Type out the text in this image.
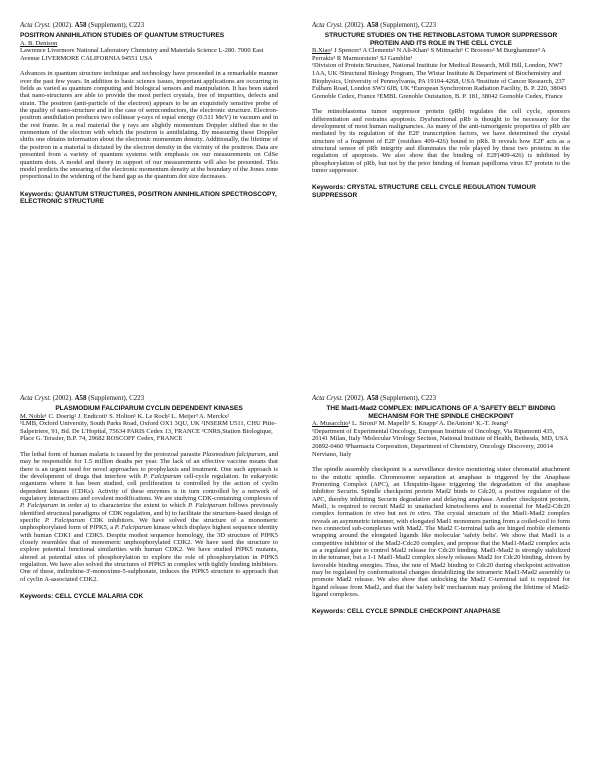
Acta Cryst. (2002). A58 (Supplement), C223
POSITRON ANNIHILATION STUDIES OF QUANTUM STRUCTURES
A. B. Denison
Lawrence Livermore National Laboratory Chemistry and Materials Science L-280. 7000 East Avenue LIVERMORE CALIFORNIA 94551 USA
Advances in quantum structure technique and technology have proceeded in a remarkable manner over the past few years. In addition to basic science issues, important applications are occurring in fields as varied as quantum computing and biological sensors and manipulation. It has been stated that nano-structures are able to provide the most perfect crystals, free of impurities, defects and strain. The positron (anti-particle of the electron) appears to be an exquisitely sensitive probe of the quality of nano-structure and in the case of semiconductors, the electronic structure. Electron-positron annihilation produces two collinear γ-rays of equal energy (0.511 MeV) in vacuum and in the rest frame. In a real material the γ rays are slightly momentum Doppler shifted due to the momentum of the electron with which the positron is annihilating. By measuring these Doppler shifts one obtains information about the electronic momentum density. Additionally, the lifetime of the positron in a material is dictated by the electron density in the vicinity of the positron. Data are presented from a variety of quantum systems with emphasis on our measurements on CdSe quantum dots. A model and theory in support of our measurements will also be presented. This model predicts the smearing of the electronic momentum density at the boundary of the Jones zone proportional to the widening of the band gap as the quantum dot size decreases.
Keywords: QUANTUM STRUCTURES, POSITRON ANNIHILATION SPECTROSCOPY, ELECTRONIC STRUCTURE
Acta Cryst. (2002). A58 (Supplement), C223
STRUCTURE STUDIES ON THE RETINOBLASTOMA TUMOR SUPPRESSOR PROTEIN AND ITS ROLE IN THE CELL CYCLE
B.Xiao¹ J Spencer¹ A Clements² N Ali-Khan¹ S Mittnacht¹ C Broceno² M Burghammer³ A Perrakis³ R Marmorstein² SJ Gamblin¹
¹Division of Protein Structure, National Institute for Medical Research, Mill Hill, London, NW7 1AA, UK ²Structural Biology Program, The Wistar Institute & Department of Biochemistry and Biophysics, University of Pennsylvania, PA 19104-4268, USA ³Institute of Cancer Research, 237 Fulham Road, London SW3 6JB, UK ⁴European Synchrotron Radiation Facility, B. P. 220, 38043 Grenoble Cedex, France ⁵EMBL Grenoble Outstation, B. P. 181, 38042 Grenoble Cedex, France
The retinoblastoma tumor suppressor protein (pRb) regulates the cell cycle, sponsors differentiation and restrains apoptosis. Dysfunctional pRb is thought to be necessary for the development of most human malignancies. As many of the anti-tumorigenic properties of pRb are mediated by its regulation of the E2F transcription factors, we have determined the crystal structure of a fragment of E2F (residues 409-426) bound to pRb. It reveals how E2F acts as a structural sensor of pRb integrity and illuminates the role played by these two proteins in the regulation of apoptosis. We also show that the binding of E2F(409-426) is inhibited by phosphorylation of pRb, but not by the prior binding of human papilloma virus E7 protein to the tumor suppressor.
Keywords: CRYSTAL STRUCTURE CELL CYCLE REGULATION TUMOUR SUPPRESSOR
Acta Cryst. (2002). A58 (Supplement), C223
PLASMODIUM FALCIPARUM CYCLIN DEPENDENT KINASES
M. Noble¹ C. Doerig² J. Endicott¹ S. Holton¹ K. Le Roch² L. Meijer³ A. Merckx²
¹LMB, Oxford University, South Parks Road, Oxford OX1 3QU, UK ²INSERM U511, CHU Pitie-Salpetriere, 91, Bd. De L'Hopital, 75634 PARIS Cedex 13, FRANCE ³CNRS,Station Biologique, Place G. Teissier, B.P. 74, 29682 ROSCOFF Cedex, FRANCE
The lethal form of human malaria is caused by the protozoal parasite Plasmodium falciparum, and may be responsible for 1.5 million deaths per year. The lack of an effective vaccine means that there is an urgent need for novel approaches to prophylaxis and treatment. One such approach is the development of drugs that interfere with P. Falciparum cell-cycle regulation. In eukaryotic organisms where it has been studied, cell proliferation is controlled by the action of cyclin dependent kinases (CDKs). Activity of these enzymes is in turn controlled by a network of regulatory interactions and covalent modifications. We are studying CDK-containing complexes of P. Falciparum in order a) to characterize the extent to which P. Falciparum follows previously identified structural paradigms of CDK regulation, and b) to facilitate the structure-based design of specific P. Falciparum CDK inhibitors. We have solved the structure of a monomeric unphosphorylated form of PfPK5, a P. Falciparum kinase which displays highest sequence identity with human CDK1 and CDK5. Despite modest sequence homology, the 3D structure of PfPK5 closely resembles that of monomeric unphosphorylated CDK2. We have used the structure to explore potential functional similarities with human CDK2. We have studied PfPK5 mutants, altered at potential sites of phosphorylation to explore the role of phosphorylation in PfPK5 regulation. We have also solved the structures of PfPK5 in complex with tightly binding inhibitors. One of these, indirubine-3'-monoxime-5-sulphonate, induces the PfPK5 structure to approach that of cyclin A-associated CDK2.
Keywords: CELL CYCLE MALARIA CDK
Acta Cryst. (2002). A58 (Supplement), C223
THE Mad1-Mad2 COMPLEX: IMPLICATIONS OF A 'SAFETY BELT' BINDING MECHANISM FOR THE SPINDLE CHECKPOINT
A. Musacchio¹ L. Sironi¹ M. Mapelli¹ S. Knapp² A. DeAntoni¹ K.-T. Jeang³
¹Department of Experimental Oncology, European Institute of Oncology, Via Ripamonti 435, 20141 Milan, Italy ²Molecular Virology Section, National Institute of Health, Bethesda, MD, USA 20892-0460 ³Pharmacia Corporation, Department of Chemistry, Oncology Discovery, 20014 Nerviano, Italy
The spindle assembly checkpoint is a surveillance device monitoring sister chromatid attachment to the mitotic spindle. Chromosome separation at anaphase is triggered by the Anaphase Promoting Complex (APC), an Ubiquitin-ligase triggering the degradation of the anaphase inhibitor Securin. Spindle checkpoint protein Mad2 binds to Cdc20, a positive regulator of the APC, thereby inhibiting Securin degradation and delaying anaphase. Another checkpoint protein, Mad1, is required to recruit Mad2 to unattached kinetochores and is essential for Mad2-Cdc20 complex formation in vivo but not in vitro. The crystal structure of the Mad1-Mad2 complex reveals an asymmetric tetramer, with elongated Mad1 monomers parting from a coiled-coil to form two connected sub-complexes with Mad2. The Mad2 C-terminal tails are hinged mobile elements wrapping around the elongated ligands like molecular 'safety belts'. We show that Mad1 is a competitive inhibitor of the Mad2-Cdc20 complex, and propose that the Mad1-Mad2 complex acts as a regulated gate to control Mad2 release for Cdc20 binding. Mad1-Mad2 is strongly stabilized in the tetramer, but a 1-1 Mad1-Mad2 complex slowly releases Mad2 for Cdc20 binding, driven by favorable binding energies. Thus, the rate of Mad2 binding to Cdc20 during checkpoint activation may be regulated by conformational changes destabilizing the tetrameric Mad1-Mad2 assembly to promote Mad2 release. We also show that unlocking the Mad2 C-terminal tail is required for ligand release from Mad2, and that the 'safety belt' mechanism may prolong the lifetime of Mad2-ligand complexes.
Keywords: CELL CYCLE SPINDLE CHECKPOINT ANAPHASE
